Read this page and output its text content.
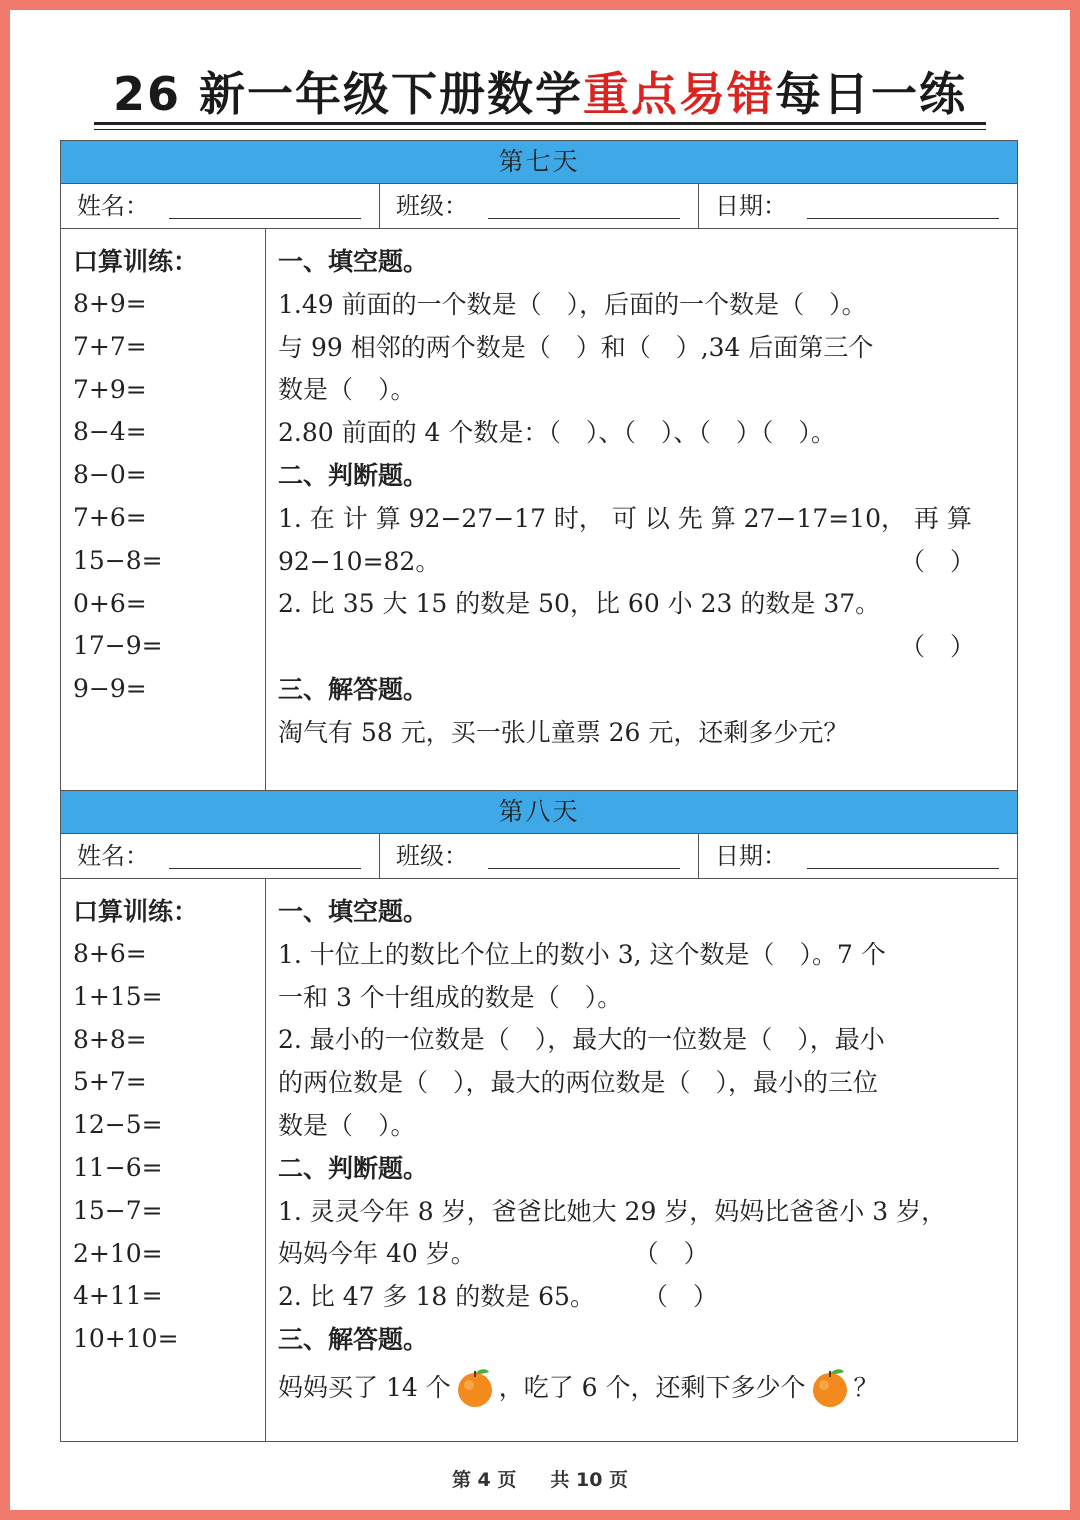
26 新一年级下册数学重点易错每日一练
第七天
姓名：	班级：	日期：
口算训练：
8+9=
7+7=
7+9=
8−4=
8−0=
7+6=
15−8=
0+6=
17−9=
9−9=
一、填空题。
1.49 前面的一个数是（　），后面的一个数是（　）。
与 99 相邻的两个数是（　）和（　）,34 后面第三个
数是（　）。
2.80 前面的 4 个数是：（　）、（　）、（　）（　）。
二、判断题。
1. 在 计 算 92−27−17 时， 可 以 先 算 27−17=10， 再 算
92−10=82。	（　）
2. 比 35 大 15 的数是 50，比 60 小 23 的数是 37。
（　）
三、解答题。
淘气有 58 元，买一张儿童票 26 元，还剩多少元？
第八天
姓名：	班级：	日期：
口算训练：
8+6=
1+15=
8+8=
5+7=
12−5=
11−6=
15−7=
2+10=
4+11=
10+10=
一、填空题。
1. 十位上的数比个位上的数小 3, 这个数是（　）。7 个
一和 3 个十组成的数是（　）。
2. 最小的一位数是（　），最大的一位数是（　），最小
的两位数是（　），最大的两位数是（　），最小的三位
数是（　）。
二、判断题。
1. 灵灵今年 8 岁，爸爸比她大 29 岁，妈妈比爸爸小 3 岁，
妈妈今年 40 岁。	（　）
2. 比 47 多 18 的数是 65。 （　）
三、解答题。
妈妈买了 14 个 ，吃了 6 个，还剩下多少个 ？
第 4 页 共 10 页
